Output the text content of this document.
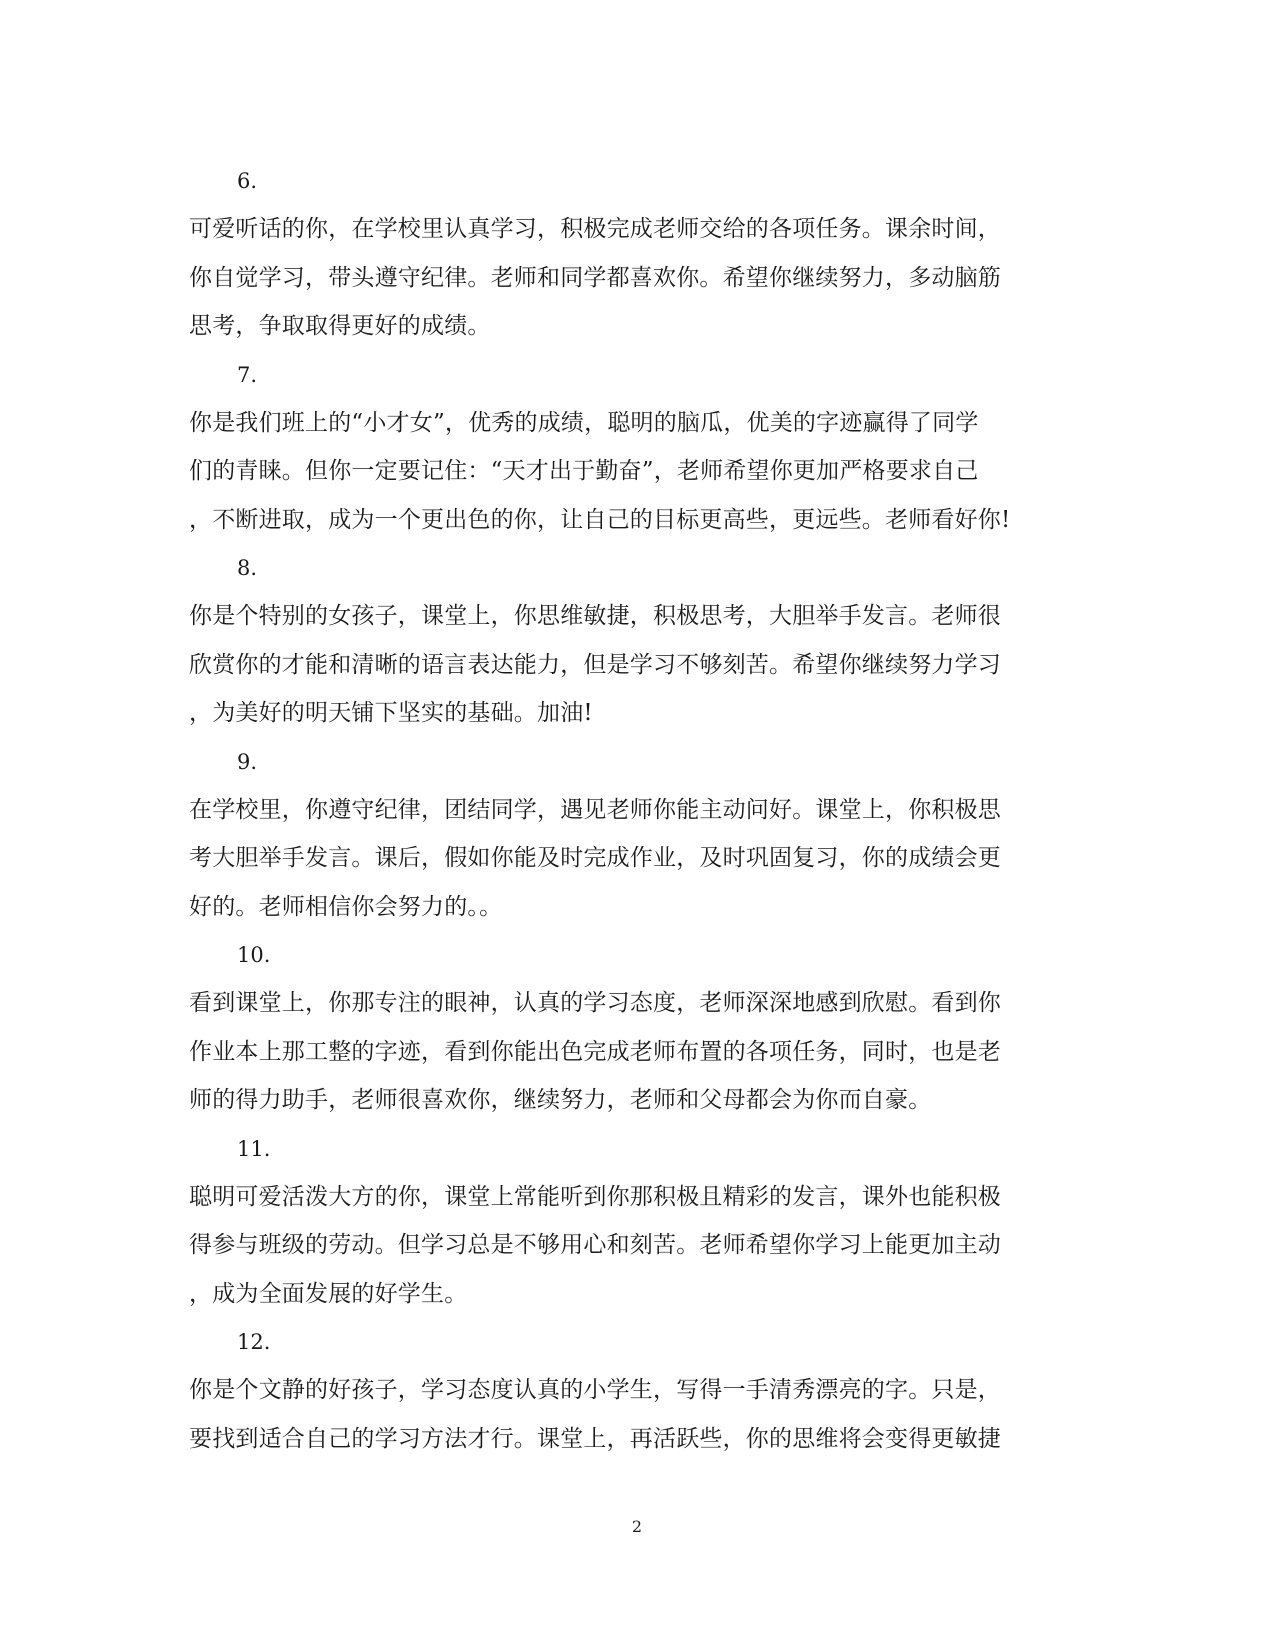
6.
可爱听话的你，在学校里认真学习，积极完成老师交给的各项任务。课余时间，
你自觉学习，带头遵守纪律。老师和同学都喜欢你。希望你继续努力，多动脑筋
思考，争取取得更好的成绩。
7.
你是我们班上的“小才女”，优秀的成绩，聪明的脑瓜，优美的字迹赢得了同学
们的青睐。但你一定要记住：“天才出于勤奋”，老师希望你更加严格要求自己
，不断进取，成为一个更出色的你，让自己的目标更高些，更远些。老师看好你!
8.
你是个特别的女孩子，课堂上，你思维敏捷，积极思考，大胆举手发言。老师很
欣赏你的才能和清晰的语言表达能力，但是学习不够刻苦。希望你继续努力学习
，为美好的明天铺下坚实的基础。加油!
9.
在学校里，你遵守纪律，团结同学，遇见老师你能主动问好。课堂上，你积极思
考大胆举手发言。课后，假如你能及时完成作业，及时巩固复习，你的成绩会更
好的。老师相信你会努力的。。
10.
看到课堂上，你那专注的眼神，认真的学习态度，老师深深地感到欣慰。看到你
作业本上那工整的字迹，看到你能出色完成老师布置的各项任务，同时，也是老
师的得力助手，老师很喜欢你，继续努力，老师和父母都会为你而自豪。
11.
聪明可爱活泼大方的你，课堂上常能听到你那积极且精彩的发言，课外也能积极
得参与班级的劳动。但学习总是不够用心和刻苦。老师希望你学习上能更加主动
，成为全面发展的好学生。
12.
你是个文静的好孩子，学习态度认真的小学生，写得一手清秀漂亮的字。只是，
要找到适合自己的学习方法才行。课堂上，再活跃些，你的思维将会变得更敏捷
2
